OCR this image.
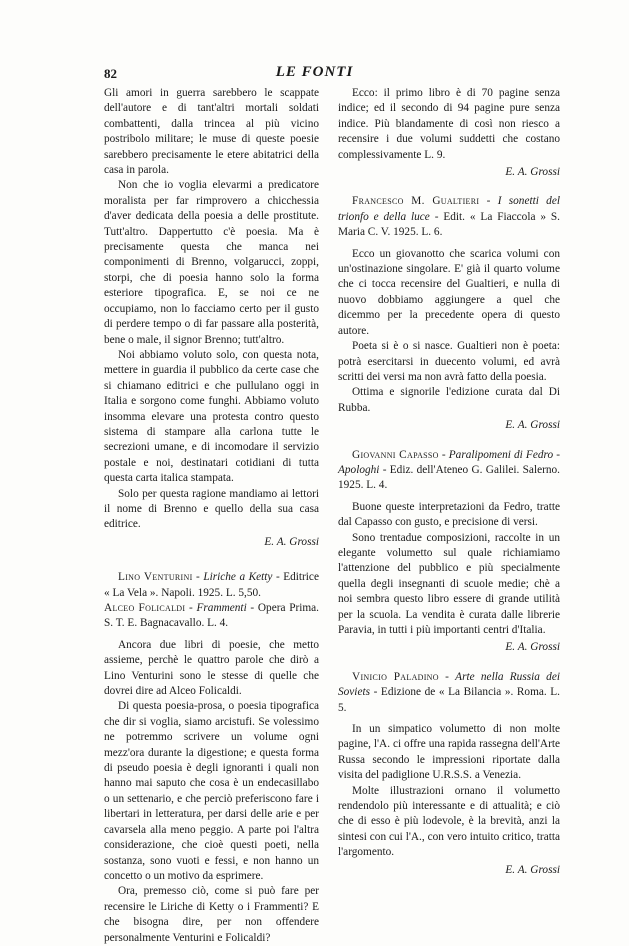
82	LE FONTI

Gli amori in guerra sarebbero le scappate dell'autore e di tant'altri mortali soldati combattenti, dalla trincea al più vicino postribolo militare; le muse di queste poesie sarebbero precisamente le etere abitatrici della casa in parola.

Non che io voglia elevarmi a predicatore moralista per far rimprovero a chicchessia d'aver dedicata della poesia a delle prostitute. Tutt'altro. Dappertutto c'è poesia. Ma è precisamente questa che manca nei componimenti di Brenno, volgarucci, zoppi, storpi, che di poesia hanno solo la forma esteriore tipografica. E, se noi ce ne occupiamo, non lo facciamo certo per il gusto di perdere tempo o di far passare alla posterità, bene o male, il signor Brenno; tutt'altro.

Noi abbiamo voluto solo, con questa nota, mettere in guardia il pubblico da certe case che si chiamano editrici e che pullulano oggi in Italia e sorgono come funghi. Abbiamo voluto insomma elevare una protesta contro questo sistema di stampare alla carlona tutte le secrezioni umane, e di incomodare il servizio postale e noi, destinatari cotidiani di tutta questa carta italica stampata.

Solo per questa ragione mandiamo ai lettori il nome di Brenno e quello della sua casa editrice.

E. A. Grossi

Lino Venturini - Liriche a Ketty - Editrice « La Vela ». Napoli. 1925. L. 5,50.

Alceo Folicaldi - Frammenti - Opera Prima. S. T. E. Bagnacavallo. L. 4.

Ancora due libri di poesie, che metto assieme, perchè le quattro parole che dirò a Lino Venturini sono le stesse di quelle che dovrei dire ad Alceo Folicaldi.

Di questa poesia-prosa, o poesia tipografica che dir si voglia, siamo arcistufi. Se volessimo ne potremmo scrivere un volume ogni mezz'ora durante la digestione; e questa forma di pseudo poesia è degli ignoranti i quali non hanno mai saputo che cosa è un endecasillabo o un settenario, e che perciò preferiscono fare i libertari in letteratura, per darsi delle arie e per cavarsela alla meno peggio. A parte poi l'altra considerazione, che cioè questi poeti, nella sostanza, sono vuoti e fessi, e non hanno un concetto o un motivo da esprimere.

Ora, premesso ciò, come si può fare per recensire le Liriche di Ketty o i Frammenti? E che bisogna dire, per non offendere personalmente Venturini e Folicaldi?

Ecco: il primo libro è di 70 pagine senza indice; ed il secondo di 94 pagine pure senza indice. Più blandamente di così non riesco a recensire i due volumi suddetti che costano complessivamente L. 9.

E. A. Grossi

Francesco M. Gualtieri - I sonetti del trionfo e della luce - Edit. « La Fiaccola » S. Maria C. V. 1925. L. 6.

Ecco un giovanotto che scarica volumi con un'ostinazione singolare. E' già il quarto volume che ci tocca recensire del Gualtieri, e nulla di nuovo dobbiamo aggiungere a quel che dicemmo per la precedente opera di questo autore.

Poeta si è o si nasce. Gualtieri non è poeta: potrà esercitarsi in duecento volumi, ed avrà scritti dei versi ma non avrà fatto della poesia.

Ottima e signorile l'edizione curata dal Di Rubba.

E. A. Grossi

Giovanni Capasso - Paralipomeni di Fedro - Apologhi - Ediz. dell'Ateneo G. Galilei. Salerno. 1925. L. 4.

Buone queste interpretazioni da Fedro, tratte dal Capasso con gusto, e precisione di versi.

Sono trentadue composizioni, raccolte in un elegante volumetto sul quale richiamiamo l'attenzione del pubblico e più specialmente quella degli insegnanti di scuole medie; chè a noi sembra questo libro essere di grande utilità per la scuola. La vendita è curata dalle librerie Paravia, in tutti i più importanti centri d'Italia.

E. A. Grossi

Vinicio Paladino - Arte nella Russia dei Soviets - Edizione de « La Bilancia ». Roma. L. 5.

In un simpatico volumetto di non molte pagine, l'A. ci offre una rapida rassegna dell'Arte Russa secondo le impressioni riportate dalla visita del padiglione U.R.S.S. a Venezia.

Molte illustrazioni ornano il volumetto rendendolo più interessante e di attualità; e ciò che di esso è più lodevole, è la brevità, anzi la sintesi con cui l'A., con vero intuito critico, tratta l'argomento.

E. A. Grossi
